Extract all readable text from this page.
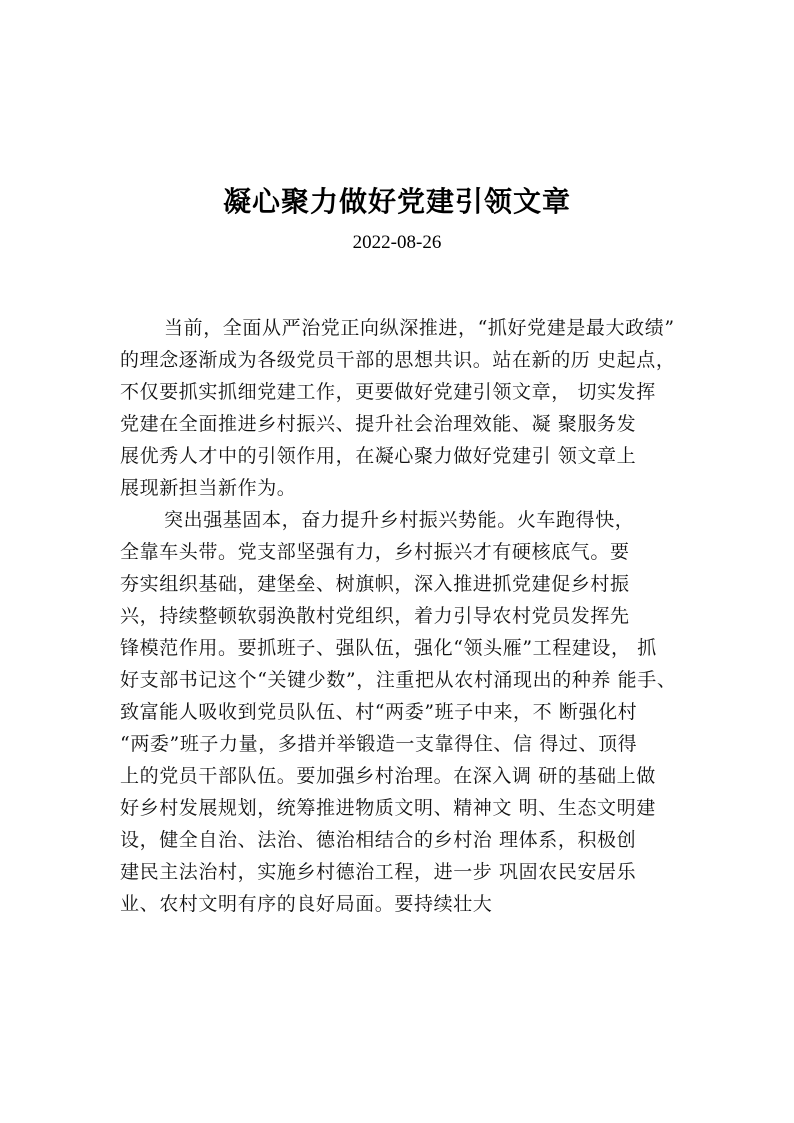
凝心聚力做好党建引领文章
2022-08-26
当前，全面从严治党正向纵深推进，“抓好党建是最大政绩”
的理念逐渐成为各级党员干部的思想共识。站在新的历 史起点，
不仅要抓实抓细党建工作，更要做好党建引领文章， 切实发挥
党建在全面推进乡村振兴、提升社会治理效能、凝 聚服务发
展优秀人才中的引领作用，在凝心聚力做好党建引 领文章上
展现新担当新作为。
突出强基固本，奋力提升乡村振兴势能。火车跑得快，
全靠车头带。党支部坚强有力，乡村振兴才有硬核底气。要
夯实组织基础，建堡垒、树旗帜，深入推进抓党建促乡村振
兴，持续整顿软弱涣散村党组织，着力引导农村党员发挥先
锋模范作用。要抓班子、强队伍，强化“领头雁”工程建设， 抓
好支部书记这个“关键少数”，注重把从农村涌现出的种养 能手、
致富能人吸收到党员队伍、村“两委”班子中来，不 断强化村
“两委”班子力量，多措并举锻造一支靠得住、信 得过、顶得
上的党员干部队伍。要加强乡村治理。在深入调 研的基础上做
好乡村发展规划，统筹推进物质文明、精神文 明、生态文明建
设，健全自治、法治、德治相结合的乡村治 理体系，积极创
建民主法治村，实施乡村德治工程，进一步 巩固农民安居乐
业、农村文明有序的良好局面。要持续壮大
